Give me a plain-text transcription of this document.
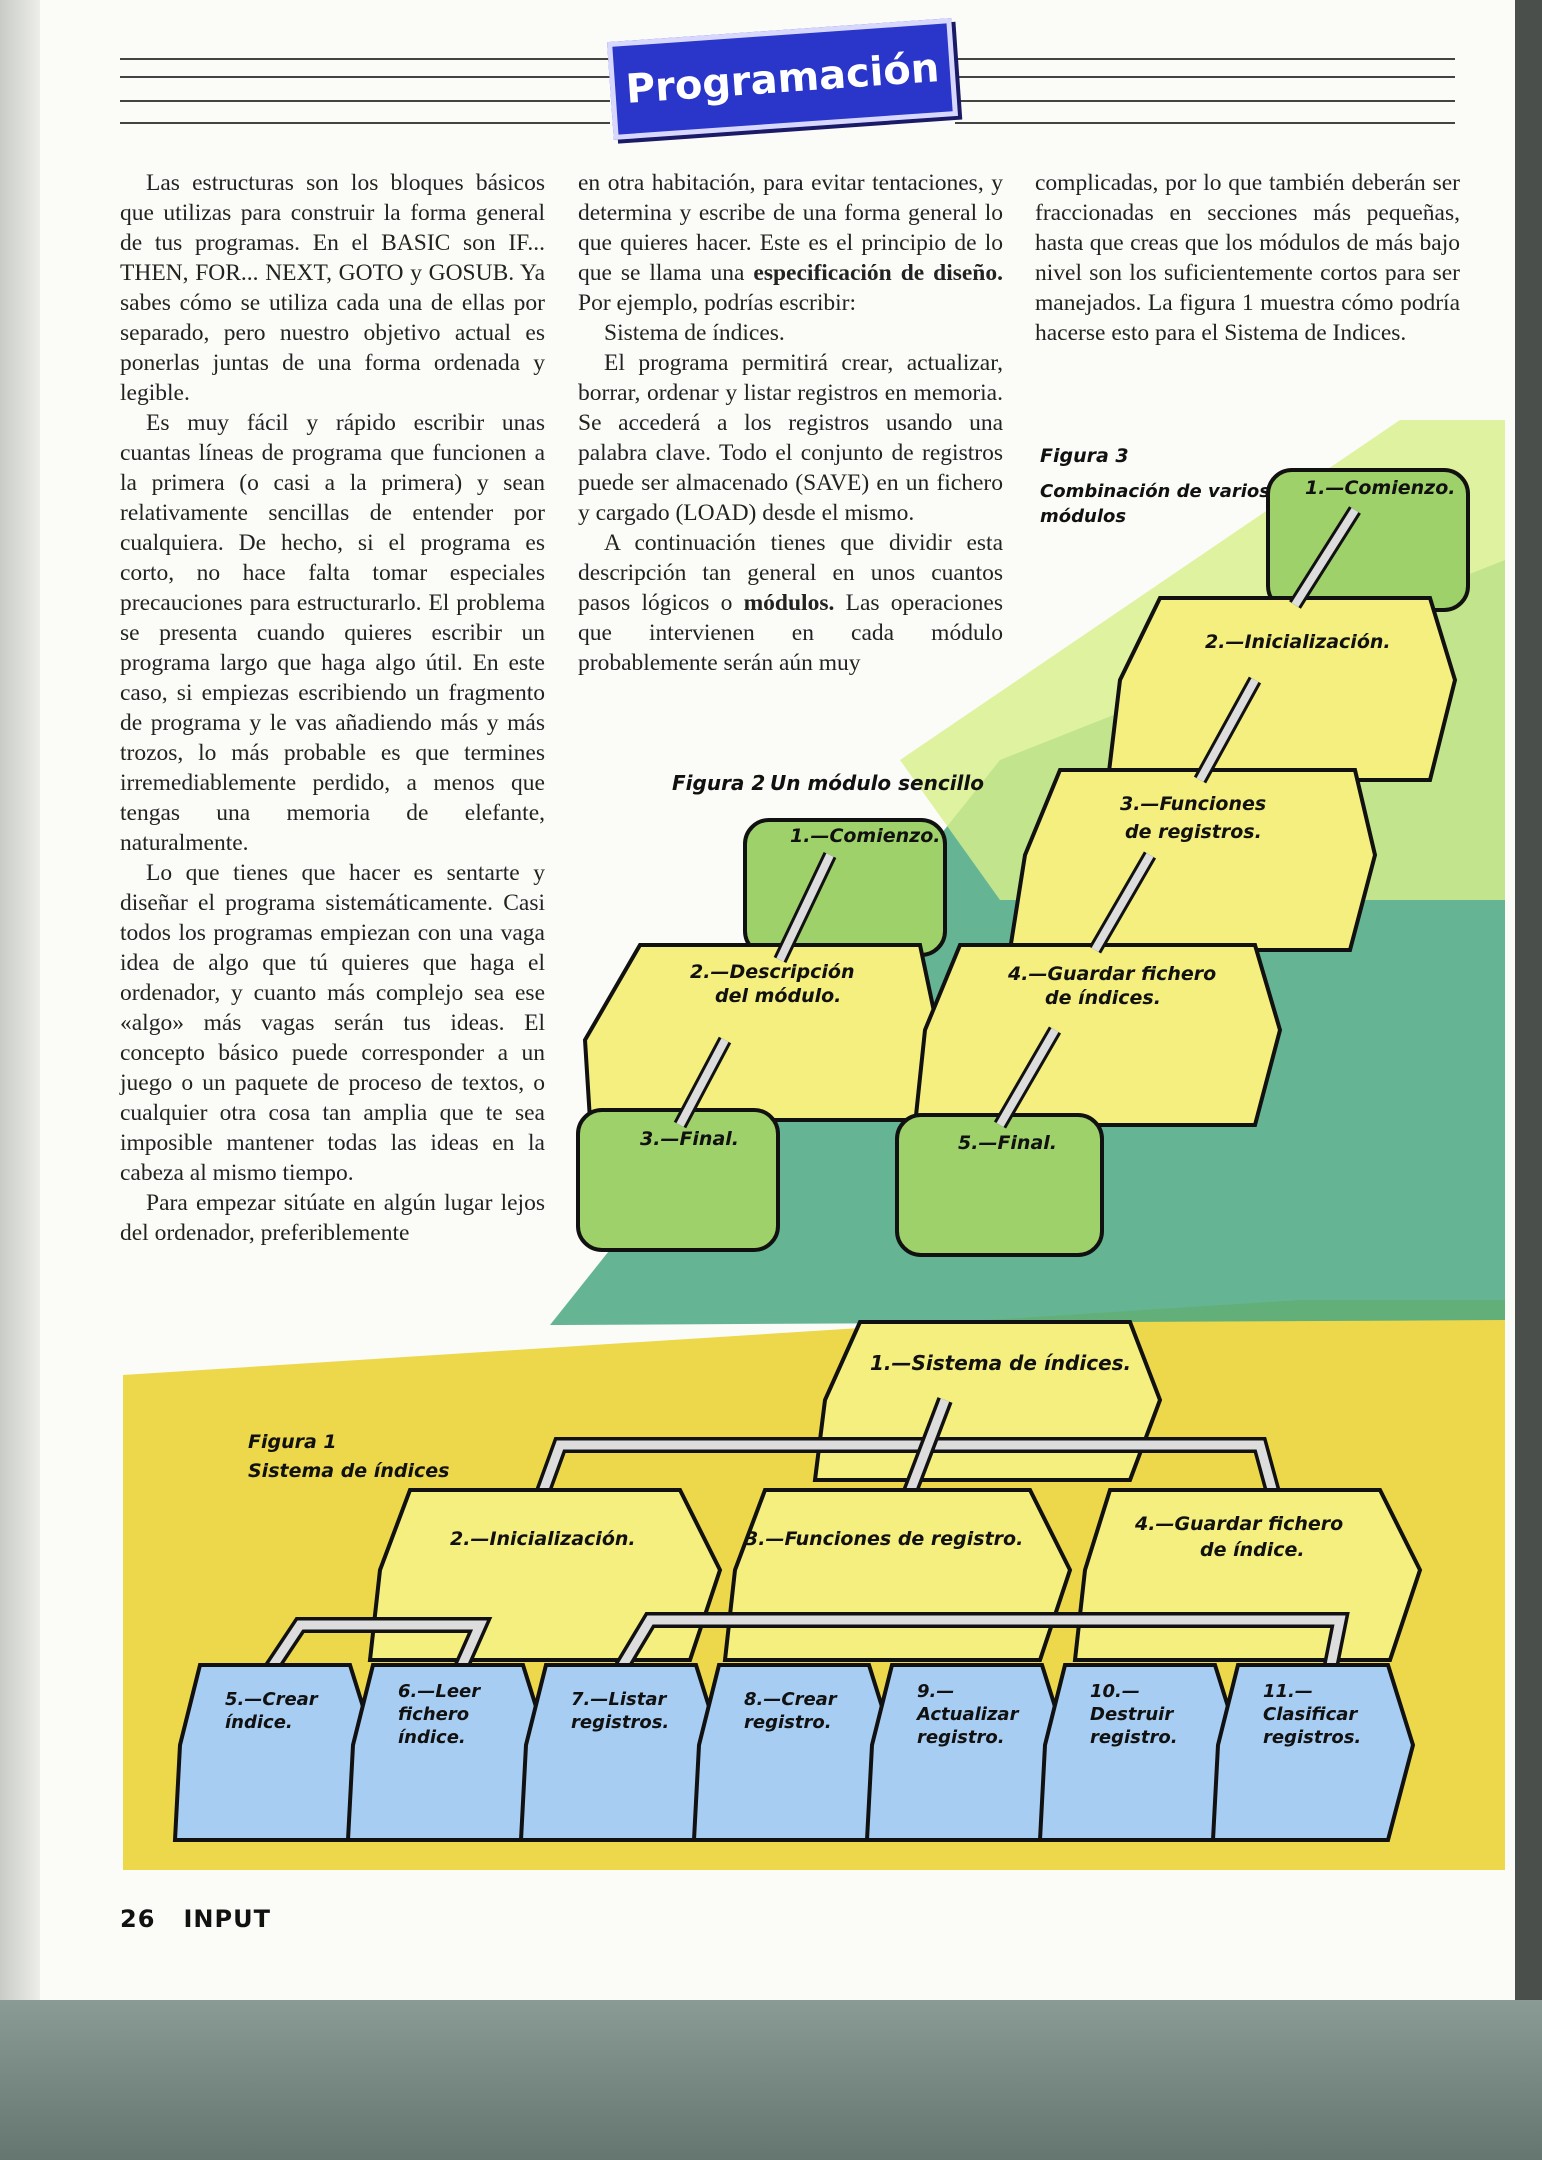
Programación
5.—Crear
índice.
6.—Leer
fichero
índice.
7.—Listar
registros.
8.—Crear
registro.
9.—
Actualizar
registro.
10.—
Destruir
registro.
11.—
Clasificar
registros.
Figura 2 Un módulo sencillo
1.—Comienzo.
2.—Descripción
del módulo.
3.—Final.
Figura 3
Combinación de varios
módulos
1.—Comienzo.
2.—Inicialización.
3.—Funciones
de registros.
4.—Guardar fichero
de índices.
5.—Final.
Figura 1
Sistema de índices
1.—Sistema de índices.
2.—Inicialización.	3.—Funciones de registro.
4.—Guardar fichero
de índice.

Las estructuras son los bloques básicos que utilizas para construir la forma general de tus programas. En el BASIC son IF... THEN, FOR... NEXT, GOTO y GOSUB. Ya sabes cómo se utiliza cada una de ellas por separado, pero nuestro objetivo actual es ponerlas juntas de una forma ordenada y legible.

Es muy fácil y rápido escribir unas cuantas líneas de programa que funcionen a la primera (o casi a la primera) y sean relativamente sencillas de entender por cualquiera. De hecho, si el programa es corto, no hace falta tomar especiales precauciones para estructurarlo. El problema se presenta cuando quieres escribir un programa largo que haga algo útil. En este caso, si empiezas escribiendo un fragmento de programa y le vas añadiendo más y más trozos, lo más probable es que termines irremediablemente perdido, a menos que tengas una memoria de elefante, naturalmente.

Lo que tienes que hacer es sentarte y diseñar el programa sistemáticamente. Casi todos los programas empiezan con una vaga idea de algo que tú quieres que haga el ordenador, y cuanto más complejo sea ese «algo» más vagas serán tus ideas. El concepto básico puede corresponder a un juego o un paquete de proceso de textos, o cualquier otra cosa tan amplia que te sea imposible mantener todas las ideas en la cabeza al mismo tiempo.

Para empezar sitúate en algún lugar lejos del ordenador, preferiblemente

en otra habitación, para evitar tentaciones, y determina y escribe de una forma general lo que quieres hacer. Este es el principio de lo que se llama una especificación de diseño. Por ejemplo, podrías escribir:

Sistema de índices.

El programa permitirá crear, actualizar, borrar, ordenar y listar registros en memoria. Se accederá a los registros usando una palabra clave. Todo el conjunto de registros puede ser almacenado (SAVE) en un fichero y cargado (LOAD) desde el mismo.

A continuación tienes que dividir esta descripción tan general en unos cuantos pasos lógicos o módulos. Las operaciones que intervienen en cada módulo probablemente serán aún muy

complicadas, por lo que también deberán ser fraccionadas en secciones más pequeñas, hasta que creas que los módulos de más bajo nivel son los suficientemente cortos para ser manejados. La figura 1 muestra cómo podría hacerse esto para el Sistema de Indices.

26 INPUT
